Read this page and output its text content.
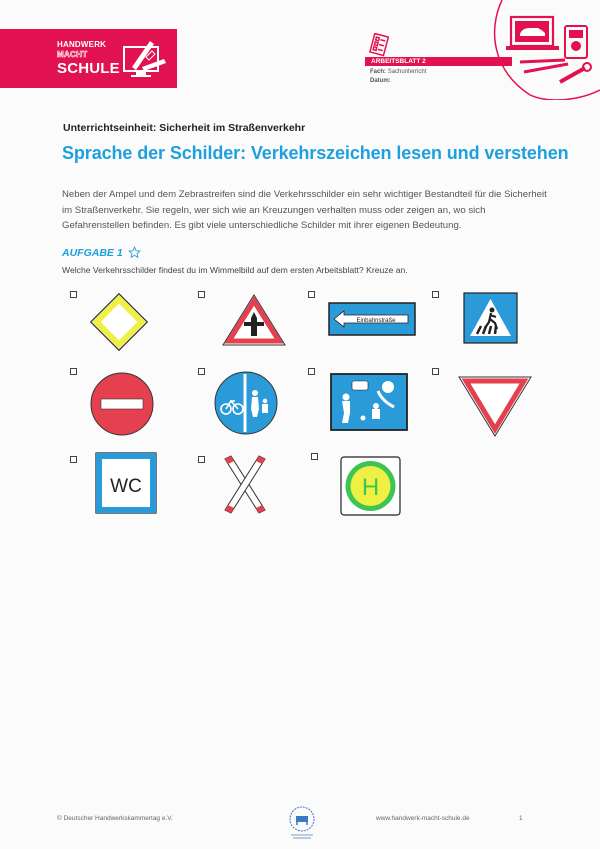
HANDWERK
MACHT
SCHULE	ARBEITSBLATT 2
Fach: Sachunterricht
Datum:
Unterrichtseinheit: Sicherheit im Straßenverkehr
Sprache der Schilder: Verkehrszeichen lesen und verstehen
Neben der Ampel und dem Zebrastreifen sind die Verkehrsschilder ein sehr wichtiger Bestandteil für die Sicherheit im Straßenverkehr. Sie regeln, wer sich wie an Kreuzungen verhalten muss oder zeigen an, wo sich Gefahrenstellen befinden. Es gibt viele unterschiedliche Schilder mit ihrer eigenen Bedeutung.
AUFGABE 1
Welche Verkehrsschilder findest du im Wimmelbild auf dem ersten Arbeitsblatt? Kreuze an.
Einbahnstraße
WC	H
© Deutscher Handwerkskammertag e.V.	www.handwerk-macht-schule.de	1
